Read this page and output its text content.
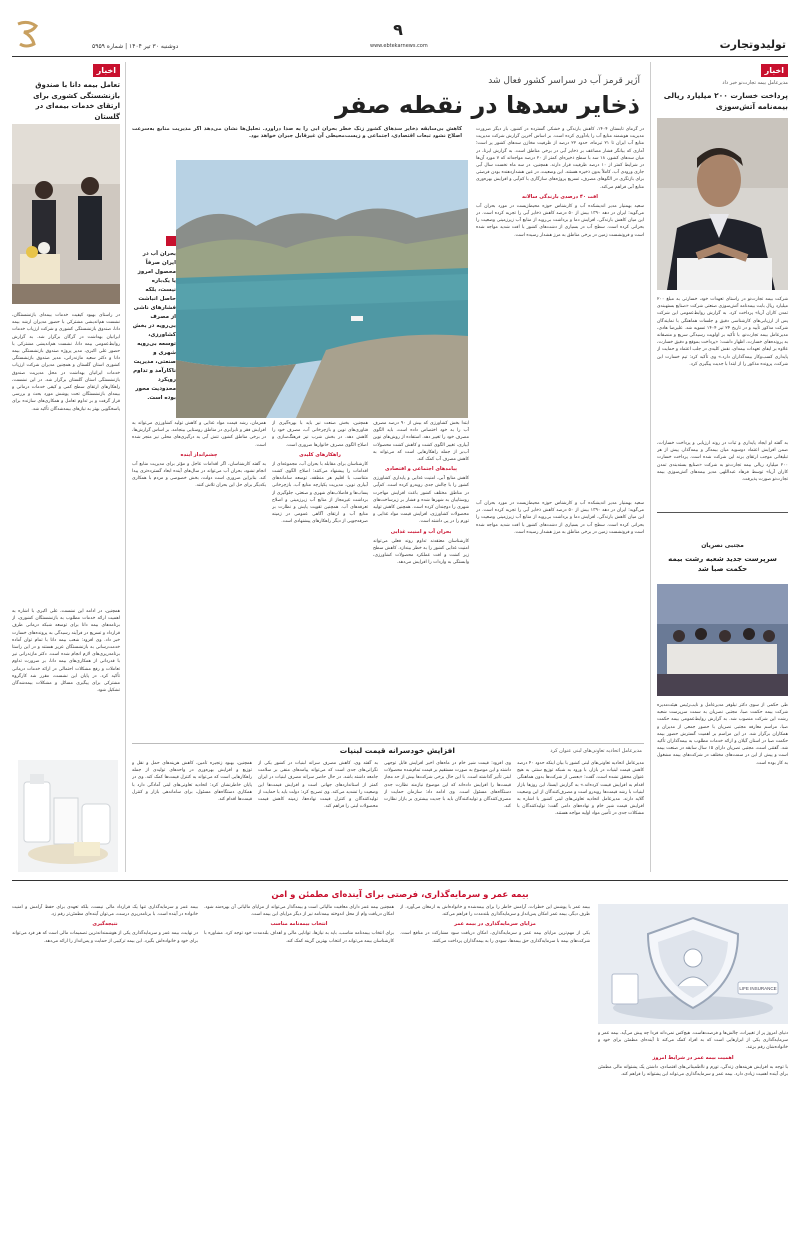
دوشنبه ۳۰ تیر ۱۴۰۴ | شماره ۵۹۵۹
۹
www.ebtekarnews.com	تولیدوتجارت
اخبار
مدیرعامل بیمه تجارت‌نو خبر داد
پرداخت خسارت ۲۰۰ میلیارد ریالی بیمه‌نامه آتش‌سوزی
شرکت بیمه تجارت‌نو در راستای تعهدات خود، خسارتی به مبلغ ۲۰۰ میلیارد ریال بابت بیمه‌نامه آتش‌سوزی صنعتی شرکت «صنایع بستهبندی تمدن کاران آریا» پرداخت کرد. به گزارش روابط‌عمومی این شرکت پس از ارزیابی‌های کارشناسی دقیق و جلسات هماهنگی با نمایندگان شرکت مذکور تأیید و در تاریخ ۲۴ تیر ۱۴۰۴ تسویه شد. علیرضا هادی، مدیرعامل بیمه تجارت‌نو، با تأکید بر اولویت رسیدگی سریع و منصفانه به پرونده‌های خسارت، اظهار داشت: «پرداخت بموقع و دقیق خسارت، علاوه بر ایفای تعهدات بیمه‌ای، نقش کلیدی در جلب اعتماد و حمایت از پایداری کسب‌وکار بیمه‌گذاران دارد.» وی تأکید کرد: تیم خسارت این شرکت، پرونده مذکور را از ابتدا با جدیت پیگیری کرد.
به گفته او ایجاد پایداری و ثبات در روند ارزیابی و پرداخت خسارات، ضمن افزایش اعتماد دوسویه میان بیمه‌گر و بیمه‌گذار، پیش از هر تبلیغاتی موجب ارتقای برند این شرکت شده است. پرداخت خسارت ۲۰۰ میلیارد ریالی بیمه تجارت‌نو به شرکت «صنایع بسته‌بندی تمدن کاران آریا» توسط فرهاد عبداللهی مدیر بیمه‌های آتش‌سوزی بیمه تجارت‌نو صورت پذیرفت.
مجتبی نصریان
سرپرست جدید شعبه رشت بیمه حکمت صبا شد
طی حکمی از سوی دکتر نیلوفر مدیرعامل و نایب‌رئیس هیئت‌مدیره شرکت بیمه حکمت صبا، مجتبی نصریان به سمت سرپرست شعبه رشت این شرکت منصوب شد. به گزارش روابط‌عمومی بیمه حکمت صبا، مراسم معارفه مجتبی نصریان با حضور جمعی از مدیران و همکاران برگزار شد. در این مراسم بر اهمیت گسترش حضور بیمه حکمت صبا در استان گیلان و ارائه خدمات مطلوب به بیمه‌گذاران تأکید شد. گفتنی است، مجتبی نصریان دارای ۱۵ سال سابقه در صنعت بیمه است و پیش از این در سمت‌های مختلف در شرکت‌های بیمه مشغول به کار بوده است.
آژیر قرمز آب در سراسر کشور فعال شد
ذخایر سدها در نقطه صفر
کاهش بی‌سابقه ذخایر سدهای کشور زنگ خطر بحران آبی را به صدا درآورد. تحلیل‌ها نشان می‌دهد اگر مدیریت منابع به‌سرعت اصلاح نشود تبعات اقتصادی، اجتماعی و زیست‌محیطی آن غیرقابل جبران خواهد بود.

در گرمای تابستان ۱۴۰۴، کاهش بارندگی و خشکی گسترده در کشور، بار دیگر ضرورت مدیریت هوشمند منابع آب را یادآوری کرده است. بر اساس آخرین گزارش شرکت مدیریت منابع آب ایران تا ۲۱ تیرماه، حدود ۲۲ درصد از ظرفیت مخازن سدهای کشور پر است؛ آماری که بیانگر فشار مضاعف بر ذخایر آبی در برخی مناطق است. به گزارش ایرنا، در میان سدهای کشور، ۱۸ سد با سطح ذخیره‌ای کمتر از ۲۰ درصد مواجه‌اند که ۷ مورد آن‌ها در شرایط کمتر از ۱۰ درصد ظرفیت قرار دارند. همچنین، در سه ماه نخست سال آبی جاری ورودی آب، کاملاً بدون ذخیره هستند. این وضعیت، در عین هشداردهنده بودن فرصتی برای بازنگری در الگوهای مصرف، تسریع پروژه‌های سازگاری با کم‌آبی و افزایش بهره‌وری منابع آبی فراهم می‌کند.

افت ۴۰ درصدی بارندگی سالانه

سعید بهمنیار مدیر اندیشکده آب و کارشناس حوزه محیط‌زیست در مورد بحران آب می‌گوید: ایران در دهه ۱۳۹۰ بیش از ۵۰ درصد کاهش ذخایر آبی را تجربه کرده است. در این میان کاهش بارندگی، افزایش دما و برداشت بی‌رویه از منابع آب زیرزمینی وضعیت را بحرانی کرده است. سطح آب در بسیاری از دشت‌های کشور با افت شدید مواجه شده است و فرونشست زمین در برخی مناطق به مرز هشدار رسیده است.

بحران آب در ایران صرفاً محصول امروز یا یک‌باره نیست، بلکه حاصل انباشت فشارهای ناشی از مصرف بی‌رویه در بخش کشاورزی، توسعه بی‌رویه شهری و صنعتی، مدیریت ناکارآمد و تداوم رویکرد محدودیت‌ محور بوده است.

ابتدا بخش کشاورزی که بیش از ۹۰ درصد مصرف آب را به خود اختصاص داده است، باید الگوی مصرف خود را تغییر دهد. استفاده از روش‌های نوین آبیاری، تغییر الگوی کشت و کاهش کشت محصولات آب‌بر از جمله راهکارهایی است که می‌تواند به کاهش مصرف آب کمک کند.

پیامدهای اجتماعی و اقتصادی

کاهش منابع آبی، امنیت غذایی و پایداری کشاورزی کشور را با چالش جدی روبه‌رو کرده است. کم‌آبی در مناطق مختلف کشور باعث افزایش مهاجرت روستاییان به شهرها شده و فشار بر زیرساخت‌های شهری را دوچندان کرده است. همچنین کاهش تولید محصولات کشاورزی، افزایش قیمت مواد غذایی و تورم را در پی داشته است.

بحران آب و امنیت غذایی

کارشناسان معتقدند تداوم روند فعلی می‌تواند امنیت غذایی کشور را به خطر بیندازد. کاهش سطح زیر کشت و افت عملکرد محصولات کشاورزی، وابستگی به واردات را افزایش می‌دهد.

همچنین، بخش صنعت نیز باید با بهره‌گیری از فناوری‌های نوین و بازچرخانی آب، مصرف خود را کاهش دهد. در بخش شرب نیز فرهنگ‌سازی و اصلاح الگوی مصرف خانوارها ضروری است.

راهکارهای کلیدی

کارشناسان برای مقابله با بحران آب، مجموعه‌ای از اقدامات را پیشنهاد می‌کنند: اصلاح الگوی کشت متناسب با اقلیم هر منطقه، توسعه سامانه‌های آبیاری نوین، مدیریت یکپارچه منابع آب، بازچرخانی پساب‌ها و فاضلاب‌های شهری و صنعتی، جلوگیری از برداشت غیرمجاز از منابع آب زیرزمینی و اصلاح تعرفه‌های آب. همچنین تقویت پایش و نظارت بر منابع آب و ارتقای آگاهی عمومی در زمینه صرفه‌جویی از دیگر راهکارهای پیشنهادی است.

همزمان، رشد قیمت مواد غذایی و کاهش تولید کشاورزی می‌تواند به افزایش فقر و نابرابری در مناطق روستایی بینجامد. بر اساس گزارش‌ها، در برخی مناطق کشور، تنش آبی به درگیری‌های محلی نیز منجر شده است.

چشم‌انداز آینده

به گفته کارشناسان، اگر اقدامات عاجل و مؤثر برای مدیریت منابع آب انجام نشود، بحران آب می‌تواند در سال‌های آینده ابعاد گسترده‌تری پیدا کند. بنابراین ضروری است دولت، بخش خصوصی و مردم با همکاری یکدیگر برای حل این بحران تلاش کنند.

سعید بهمنیار مدیر اندیشکده آب و کارشناس حوزه محیط‌زیست در مورد بحران آب می‌گوید: ایران در دهه ۱۳۹۰ بیش از ۵۰ درصد کاهش ذخایر آبی را تجربه کرده است. در این میان کاهش بارندگی، افزایش دما و برداشت بی‌رویه از منابع آب زیرزمینی وضعیت را بحرانی کرده است. سطح آب در بسیاری از دشت‌های کشور با افت شدید مواجه شده است و فرونشست زمین در برخی مناطق به مرز هشدار رسیده است.

اخبار
تعامل بیمه دانا با صندوق بازنشستگی کشوری برای ارتقای خدمات بیمه‌ای در گلستان
در راستای بهبود کیفیت خدمات بیمه‌ای بازنشستگان، نشست هم‌اندیشی مشترکی با حضور مدیران ارشد بیمه دانا، صندوق بازنشستگی کشوری و شرکت ارزیاب خدمات ایرانیان بهداشت در گرگان برگزار شد. به گزارش روابط‌عمومی بیمه دانا، نشست هم‌اندیشی مشترکی با حضور علی اکبری، مدیر پروژه صندوق بازنشستگی بیمه دانا و دکتر سعید مازندرانی، مدیر صندوق بازنشستگی کشوری استان گلستان و همچنین مدیران شرکت ارزیاب خدمات ایرانیان بهداشت در محل مدیریت صندوق بازنشستگی استان گلستان برگزار شد. در این نشست، راهکارهای ارتقای سطح کمی و کیفی خدمات درمانی و بیمه‌ای بازنشستگان تحت پوشش مورد بحث و بررسی قرار گرفت و بر تداوم تعامل و همکاری‌های سازنده برای پاسخگویی بهتر به نیازهای بیمه‌شدگان تأکید شد.
همچنین، در ادامه این نشست، علی اکبری با اشاره به اهمیت ارائه خدمات مطلوب به بازنشستگان کشوری، از برنامه‌های بیمه دانا برای توسعه شبکه درمانی طرف قرارداد و تسریع در فرآیند رسیدگی به پرونده‌های خسارت خبر داد. وی افزود: شعب بیمه دانا با تمام توان آماده خدمت‌رسانی به بازنشستگان عزیز هستند و در این راستا برنامه‌ریزی‌های لازم انجام شده است. دکتر مازندرانی نیز با قدردانی از همکاری‌های بیمه دانا، بر ضرورت تداوم تعاملات و رفع مشکلات احتمالی در ارائه خدمات درمانی تأکید کرد. در پایان این نشست، مقرر شد کارگروه مشترکی برای پیگیری مسائل و مشکلات بیمه‌شدگان تشکیل شود.
مدیرعامل اتحادیه تعاونی‌های لبنی عنوان کرد
افزایش خودسرانه قیمت لبنیات
مدیرعامل اتحادیه تعاونی‌های لبنی کشور با بیان اینکه حدود ۴۰ درصد کاهش قیمت لبنیات در بازار، با ورود به شبکه توزیع سنتی به هیچ عنوان محقق نشده است، گفت: «بعضی از شرکت‌ها بدون هماهنگی اقدام به افزایش قیمت کرده‌اند.» به گزارش ایسنا، این روزها بازار لبنیات با رشد قیمت‌ها روبه‌رو است و مصرف‌کنندگان از این وضعیت گلایه دارند. مدیرعامل اتحادیه تعاونی‌های لبنی کشور با اشاره به افزایش قیمت شیر خام و نهاده‌های دامی گفت: تولیدکنندگان با مشکلات جدی در تأمین مواد اولیه مواجه هستند.
وی افزود: قیمت شیر خام در ماه‌های اخیر افزایش قابل توجهی داشته و این موضوع به صورت مستقیم بر قیمت تمام‌شده محصولات لبنی تأثیر گذاشته است. با این حال برخی شرکت‌ها بیش از حد مجاز قیمت‌ها را افزایش داده‌اند که این موضوع نیازمند نظارت جدی دستگاه‌های مسئول است. وی ادامه داد: سازمان حمایت از مصرف‌کنندگان و تولیدکنندگان باید با جدیت بیشتری بر بازار نظارت کند.
به گفته وی، کاهش مصرف سرانه لبنیات در کشور یکی از نگرانی‌های جدی است که می‌تواند پیامدهای منفی بر سلامت جامعه داشته باشد. در حال حاضر سرانه مصرف لبنیات در ایران کمتر از استانداردهای جهانی است و افزایش قیمت‌ها این وضعیت را تشدید می‌کند. وی تصریح کرد: دولت باید با حمایت از تولیدکنندگان و کنترل قیمت نهاده‌ها، زمینه کاهش قیمت محصولات لبنی را فراهم کند.
همچنین، بهبود زنجیره تأمین، کاهش هزینه‌های حمل و نقل و توزیع و افزایش بهره‌وری در واحدهای تولیدی از جمله راهکارهایی است که می‌تواند به کنترل قیمت‌ها کمک کند. وی در پایان خاطرنشان کرد: اتحادیه تعاونی‌های لبنی آمادگی دارد با همکاری دستگاه‌های مسئول، برای ساماندهی بازار و کنترل قیمت‌ها اقدام کند.
بیمه عمر و سرمایه‌گذاری، فرصتی برای آینده‌ای مطمئن و امن
LIFE INSURANCE

دنیای امروز پر از تغییرات، چالش‌ها و فرصت‌هاست. هیچ‌کس نمی‌داند فردا چه پیش می‌آید. بیمه عمر و سرمایه‌گذاری یکی از ابزارهایی است که به افراد کمک می‌کند تا آینده‌ای مطمئن برای خود و خانواده‌شان رقم بزنند.

اهمیت بیمه عمر در شرایط امروز

با توجه به افزایش هزینه‌های زندگی، تورم و نااطمینانی‌های اقتصادی، داشتن یک پشتوانه مالی مطمئن برای آینده اهمیت زیادی دارد. بیمه عمر و سرمایه‌گذاری می‌تواند این پشتوانه را فراهم کند.

بیمه عمر با پوشش این خطرات، آرامش خاطر را برای بیمه‌شده و خانواده‌اش به ارمغان می‌آورد. از طرف دیگر، بیمه عمر امکان پس‌انداز و سرمایه‌گذاری بلندمدت را فراهم می‌کند.

مزایای سرمایه‌گذاری در بیمه عمر

یکی از مهم‌ترین مزایای بیمه عمر و سرمایه‌گذاری، امکان دریافت سود مشارکت در منافع است. شرکت‌های بیمه با سرمایه‌گذاری حق بیمه‌ها، سودی را به بیمه‌گذاران پرداخت می‌کنند.

همچنین بیمه عمر دارای معافیت مالیاتی است و بیمه‌گذار می‌تواند از مزایای مالیاتی آن بهره‌مند شود. امکان دریافت وام از محل اندوخته بیمه‌نامه نیز از دیگر مزایای این بیمه است.

انتخاب بیمه‌نامه مناسب

برای انتخاب بیمه‌نامه مناسب، باید به نیازها، توانایی مالی و اهداف بلندمدت خود توجه کرد. مشاوره با کارشناسان بیمه می‌تواند در انتخاب بهترین گزینه کمک کند.

بیمه عمر و سرمایه‌گذاری تنها یک قرارداد مالی نیست، بلکه تعهدی برای حفظ آرامش و امنیت خانواده در آینده است. با برنامه‌ریزی درست، می‌توان آینده‌ای مطمئن‌تر رقم زد.

نتیجه‌گیری

در نهایت، بیمه عمر و سرمایه‌گذاری یکی از هوشمندانه‌ترین تصمیمات مالی است که هر فرد می‌تواند برای خود و خانواده‌اش بگیرد. این بیمه ترکیبی از حمایت و پس‌انداز را ارائه می‌دهد.
